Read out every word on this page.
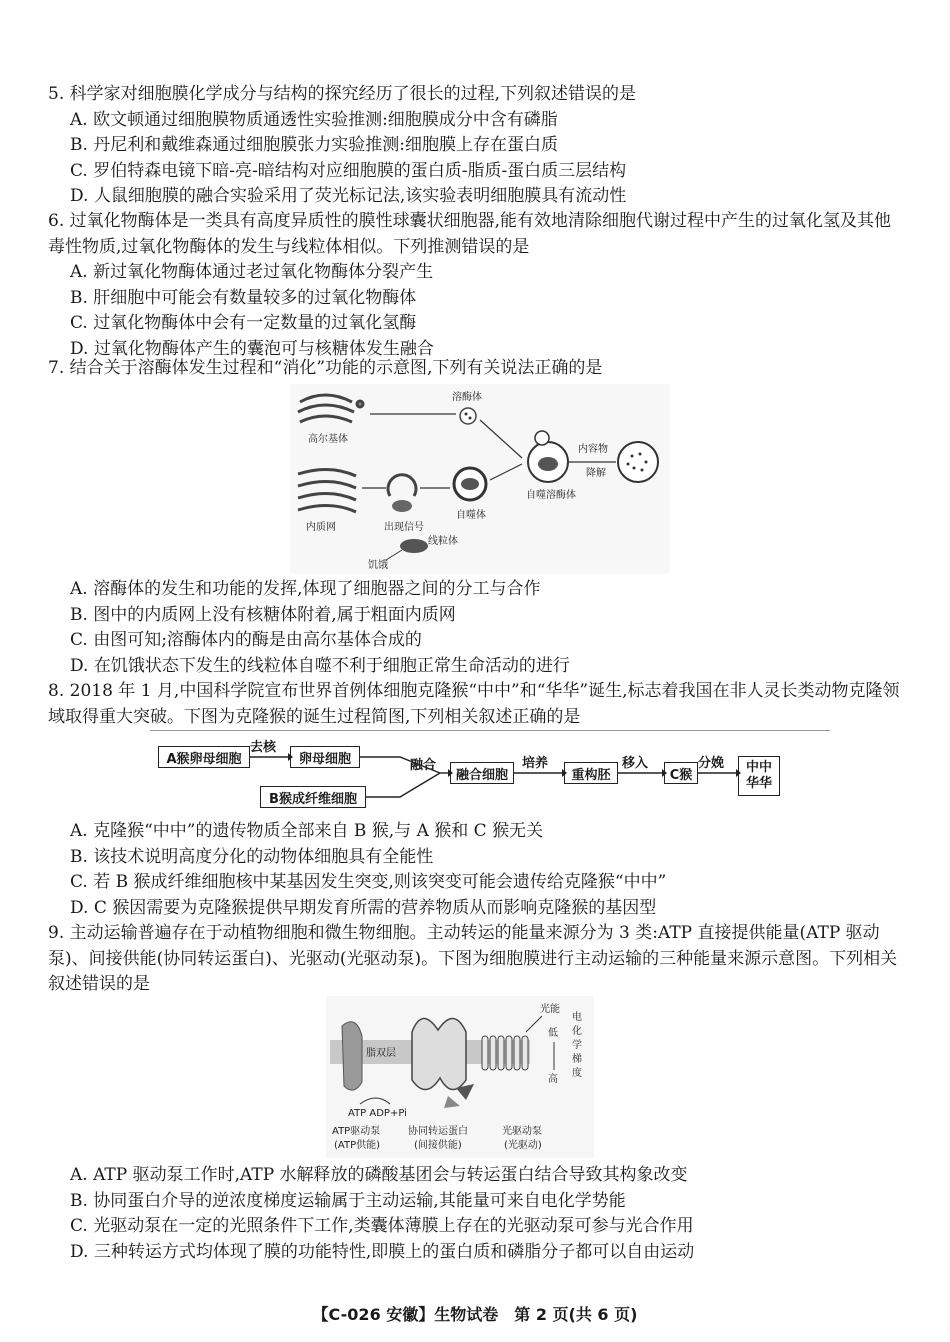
5. 科学家对细胞膜化学成分与结构的探究经历了很长的过程,下列叙述错误的是
A. 欧文顿通过细胞膜物质通透性实验推测:细胞膜成分中含有磷脂
B. 丹尼利和戴维森通过细胞膜张力实验推测:细胞膜上存在蛋白质
C. 罗伯特森电镜下暗-亮-暗结构对应细胞膜的蛋白质-脂质-蛋白质三层结构
D. 人鼠细胞膜的融合实验采用了荧光标记法,该实验表明细胞膜具有流动性
6. 过氧化物酶体是一类具有高度异质性的膜性球囊状细胞器,能有效地清除细胞代谢过程中产生的过氧化氢及其他毒性物质,过氧化物酶体的发生与线粒体相似。下列推测错误的是
A. 新过氧化物酶体通过老过氧化物酶体分裂产生
B. 肝细胞中可能会有数量较多的过氧化物酶体
C. 过氧化物酶体中会有一定数量的过氧化氢酶
D. 过氧化物酶体产生的囊泡可与核糖体发生融合
7. 结合关于溶酶体发生过程和“消化”功能的示意图,下列有关说法正确的是
高尔基体
溶酶体
内质网	出现信号
线粒体
饥饿
自噬体
自噬溶酶体
内容物
降解
A. 溶酶体的发生和功能的发挥,体现了细胞器之间的分工与合作
B. 图中的内质网上没有核糖体附着,属于粗面内质网
C. 由图可知;溶酶体内的酶是由高尔基体合成的
D. 在饥饿状态下发生的线粒体自噬不利于细胞正常生命活动的进行
8. 2018 年 1 月,中国科学院宣布世界首例体细胞克隆猴“中中”和“华华”诞生,标志着我国在非人灵长类动物克隆领域取得重大突破。下图为克隆猴的诞生过程简图,下列相关叙述正确的是
A猴卵母细胞
去核
卵母细胞
B猴成纤维细胞
融合
融合细胞
培养
重构胚
移入
C猴
分娩 中中
华华
A. 克隆猴“中中”的遗传物质全部来自 B 猴,与 A 猴和 C 猴无关
B. 该技术说明高度分化的动物体细胞具有全能性
C. 若 B 猴成纤维细胞核中某基因发生突变,则该突变可能会遗传给克隆猴“中中”
D. C 猴因需要为克隆猴提供早期发育所需的营养物质从而影响克隆猴的基因型
9. 主动运输普遍存在于动植物细胞和微生物细胞。主动转运的能量来源分为 3 类:ATP 直接提供能量(ATP 驱动泵)、间接供能(协同转运蛋白)、光驱动(光驱动泵)。下图为细胞膜进行主动运输的三种能量来源示意图。下列相关叙述错误的是
脂双层
ATP ADP+Pi
光能
低
高
电
化
学
梯
度
ATP驱动泵
(ATP供能)
协同转运蛋白
(间接供能)
光驱动泵
(光驱动)
A. ATP 驱动泵工作时,ATP 水解释放的磷酸基团会与转运蛋白结合导致其构象改变
B. 协同蛋白介导的逆浓度梯度运输属于主动运输,其能量可来自电化学势能
C. 光驱动泵在一定的光照条件下工作,类囊体薄膜上存在的光驱动泵可参与光合作用
D. 三种转运方式均体现了膜的功能特性,即膜上的蛋白质和磷脂分子都可以自由运动
【C-026 安徽】生物试卷　第 2 页(共 6 页)
